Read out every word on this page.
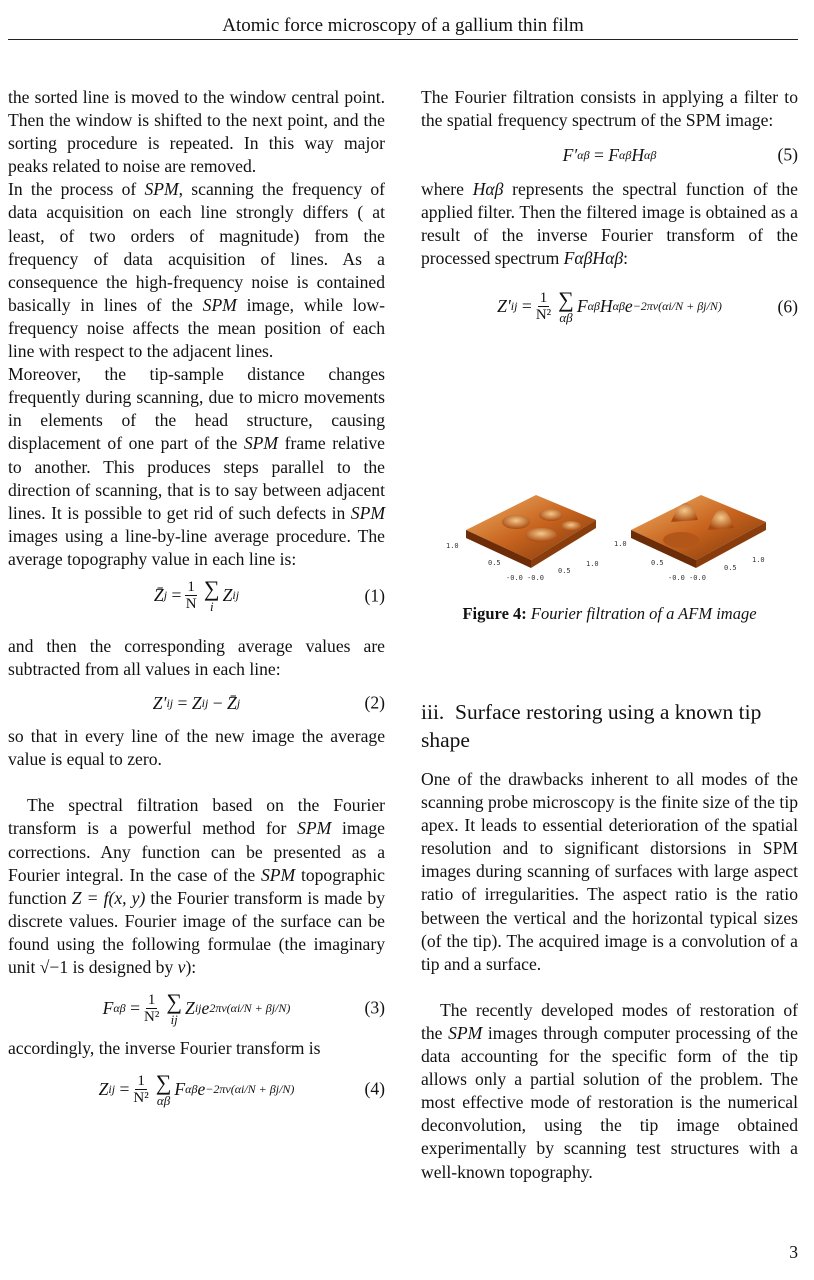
Atomic force microscopy of a gallium thin film

the sorted line is moved to the window central point. Then the window is shifted to the next point, and the sorting procedure is repeated. In this way major peaks related to noise are removed.

In the process of SPM, scanning the frequency of data acquisition on each line strongly differs ( at least, of two orders of magnitude) from the frequency of data acquisition of lines. As a consequence the high-frequency noise is contained basically in lines of the SPM image, while low-frequency noise affects the mean position of each line with respect to the adjacent lines.

Moreover, the tip-sample distance changes frequently during scanning, due to micro movements in elements of the head structure, causing displacement of one part of the SPM frame relative to another. This produces steps parallel to the direction of scanning, that is to say between adjacent lines. It is possible to get rid of such defects in SPM images using a line-by-line average procedure. The average topography value in each line is:

Z̄ j
= $\frac{1}{N}$ ∑
i
Z ij	(1)

and then the corresponding average values are subtracted from all values in each line:

Z′ ij
= Z ij
− Z̄ j	(2)

so that in every line of the new image the average value is equal to zero.

The spectral filtration based on the Fourier transform is a powerful method for SPM image corrections. Any function can be presented as a Fourier integral. In the case of the SPM topographic function Z = f(x, y) the Fourier transform is made by discrete values. Fourier image of the surface can be found using the following formulae (the imaginary unit √−1 is designed by ν):

F αβ
= $\frac{1}{\text{N²}}$ ∑
ij
Z ij e 2πν(αi/N + βj/N)	(3)

accordingly, the inverse Fourier transform is

Z ij
= $\frac{1}{\text{N²}}$ ∑
αβ
F αβ e −2πν(αi/N + βj/N)	(4)

The Fourier filtration consists in applying a filter to the spatial frequency spectrum of the SPM image:

F′ αβ
= F αβ H αβ	(5)

where Hαβ represents the spectral function of the applied filter. Then the filtered image is obtained as a result of the inverse Fourier transform of the processed spectrum FαβHαβ:

Z′ ij
= $\frac{1}{\text{N²}}$ ∑
αβ
F αβ H αβ e −2πν(αi/N + βj/N)	(6)
1.0
0.5
-0.0 -0.0
0.5
1.0
1.0
0.5
-0.0 -0.0
0.5
1.0
Figure 4: Fourier filtration of a AFM image
iii. Surface restoring using a known tip shape

One of the drawbacks inherent to all modes of the scanning probe microscopy is the finite size of the tip apex. It leads to essential deterioration of the spatial resolution and to significant distorsions in SPM images during scanning of surfaces with large aspect ratio of irregularities. The aspect ratio is the ratio between the vertical and the horizontal typical sizes (of the tip). The acquired image is a convolution of a tip and a surface.

The recently developed modes of restoration of the SPM images through computer processing of the data accounting for the specific form of the tip allows only a partial solution of the problem. The most effective mode of restoration is the numerical deconvolution, using the tip image obtained experimentally by scanning test structures with a well-known topography.

3
